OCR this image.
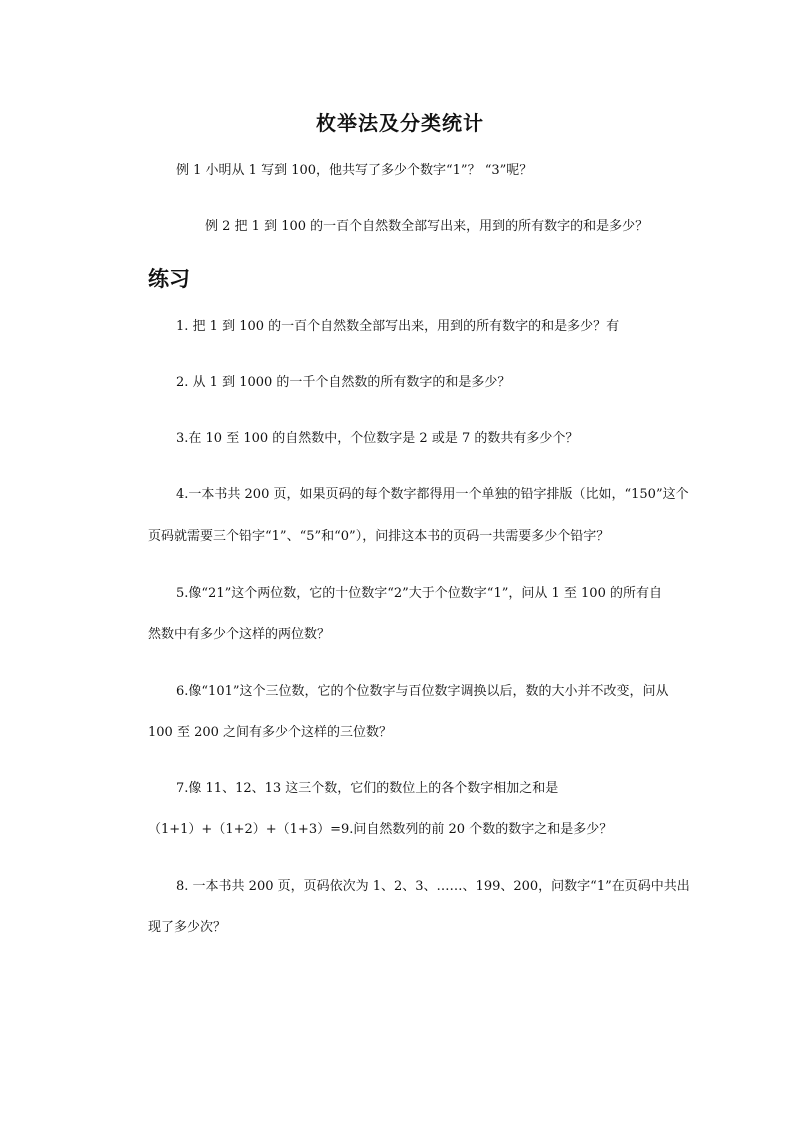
枚举法及分类统计
例 1 小明从 1 写到 100，他共写了多少个数字“1”？ “3”呢？
例 2 把 1 到 100 的一百个自然数全部写出来，用到的所有数字的和是多少？
练习
1. 把 1 到 100 的一百个自然数全部写出来，用到的所有数字的和是多少？有
2. 从 1 到 1000 的一千个自然数的所有数字的和是多少？
3.在 10 至 100 的自然数中，个位数字是 2 或是 7 的数共有多少个？
4.一本书共 200 页，如果页码的每个数字都得用一个单独的铅字排版（比如，“150”这个
页码就需要三个铅字“1”、“5”和“0”），问排这本书的页码一共需要多少个铅字？
5.像“21”这个两位数，它的十位数字“2”大于个位数字“1”，问从 1 至 100 的所有自
然数中有多少个这样的两位数？
6.像“101”这个三位数，它的个位数字与百位数字调换以后，数的大小并不改变，问从
100 至 200 之间有多少个这样的三位数？
7.像 11、12、13 这三个数，它们的数位上的各个数字相加之和是
（1+1）+（1+2）+（1+3）=9.问自然数列的前 20 个数的数字之和是多少？
8. 一本书共 200 页，页码依次为 1、2、3、……、199、200，问数字“1”在页码中共出
现了多少次？
